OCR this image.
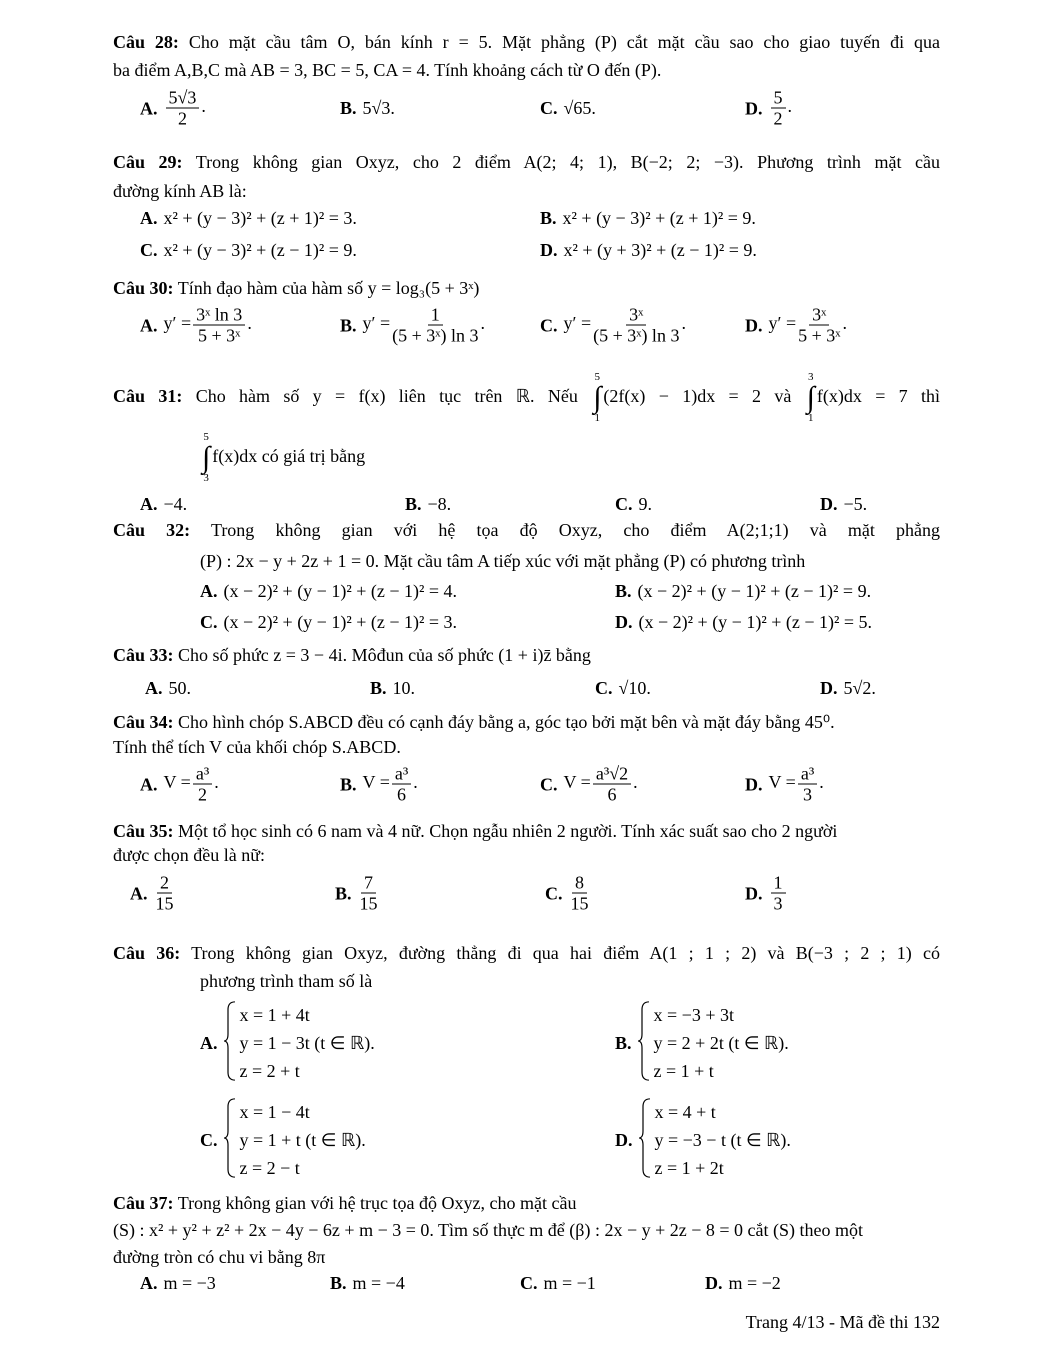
Trang 4/13 - Mã đề thi 132
Câu 28: Cho mặt cầu tâm O, bán kính r = 5. Mặt phẳng (P) cắt mặt cầu sao cho giao tuyến đi qua
ba điểm A,B,C mà AB = 3, BC = 5, CA = 4. Tính khoảng cách từ O đến (P).
A. $\frac{5√3}{2}$ .	B. 5√3.	C. √65.	D. $\frac{5}{2}$ .
Câu 29: Trong không gian Oxyz, cho 2 điểm A(2; 4; 1), B(−2; 2; −3). Phương trình mặt cầu
đường kính AB là:
A. x² + (y − 3)² + (z + 1)² = 3.	B. x² + (y − 3)² + (z + 1)² = 9.
C. x² + (y − 3)² + (z − 1)² = 9.	D. x² + (y + 3)² + (z − 1)² = 9.
Câu 30: Tính đạo hàm của hàm số y = log₃(5 + 3ˣ)
A. $y' = \frac{\text{3ˣ ln 3}}{\text{5 + 3ˣ}}$ .	B. $y' = \frac{1}{\text{(5 + 3ˣ) ln 3}}$ .	C. $y' = \frac{\text{3ˣ}}{\text{(5 + 3ˣ) ln 3}}$ .	D. $y' = \frac{\text{3ˣ}}{\text{5 + 3ˣ}}$ .
Câu 31: Cho hàm số y = f(x) liên tục trên ℝ. Nếu
5
∫
1
(2f(x) − 1)dx = 2 và
3
∫
1
f(x)dx = 7 thì
5
∫
3
f(x)dx có giá trị bằng
A. −4.	B. −8.	C. 9.	D. −5.
Câu 32: Trong không gian với hệ tọa độ Oxyz, cho điểm A(2;1;1) và mặt phẳng
(P) : 2x − y + 2z + 1 = 0. Mặt cầu tâm A tiếp xúc với mặt phẳng (P) có phương trình
A. (x − 2)² + (y − 1)² + (z − 1)² = 4.	B. (x − 2)² + (y − 1)² + (z − 1)² = 9.
C. (x − 2)² + (y − 1)² + (z − 1)² = 3.	D. (x − 2)² + (y − 1)² + (z − 1)² = 5.
Câu 33: Cho số phức z = 3 − 4i. Môđun của số phức (1 + i)z̄ bằng
A. 50.	B. 10.	C. √10.	D. 5√2.
Câu 34: Cho hình chóp S.ABCD đều có cạnh đáy bằng a, góc tạo bởi mặt bên và mặt đáy bằng 45⁰.
Tính thể tích V của khối chóp S.ABCD.
A. $V = \frac{\text{a³}}{2}$ .	B. $V = \frac{\text{a³}}{6}$ .	C. $V = \frac{\text{a³√2}}{6}$ .	D. $V = \frac{\text{a³}}{3}$ .
Câu 35: Một tổ học sinh có 6 nam và 4 nữ. Chọn ngẫu nhiên 2 người. Tính xác suất sao cho 2 người
được chọn đều là nữ:
A. $\frac{2}{15}$	B. $\frac{7}{15}$	C. $\frac{8}{15}$	D. $\frac{1}{3}$
Câu 36: Trong không gian Oxyz, đường thẳng đi qua hai điểm A(1 ; 1 ; 2) và B(−3 ; 2 ; 1) có
phương trình tham số là
A.
x = 1 + 4t
y = 1 − 3t (t ∈ ℝ).
z = 2 + t
B.
x = −3 + 3t
y = 2 + 2t (t ∈ ℝ).
z = 1 + t
C.
x = 1 − 4t
y = 1 + t (t ∈ ℝ).
z = 2 − t
D.
x = 4 + t
y = −3 − t (t ∈ ℝ).
z = 1 + 2t
Câu 37: Trong không gian với hệ trục tọa độ Oxyz, cho mặt cầu
(S) : x² + y² + z² + 2x − 4y − 6z + m − 3 = 0. Tìm số thực m để (β) : 2x − y + 2z − 8 = 0 cắt (S) theo một
đường tròn có chu vi bằng 8π
A. m = −3	B. m = −4	C. m = −1	D. m = −2
